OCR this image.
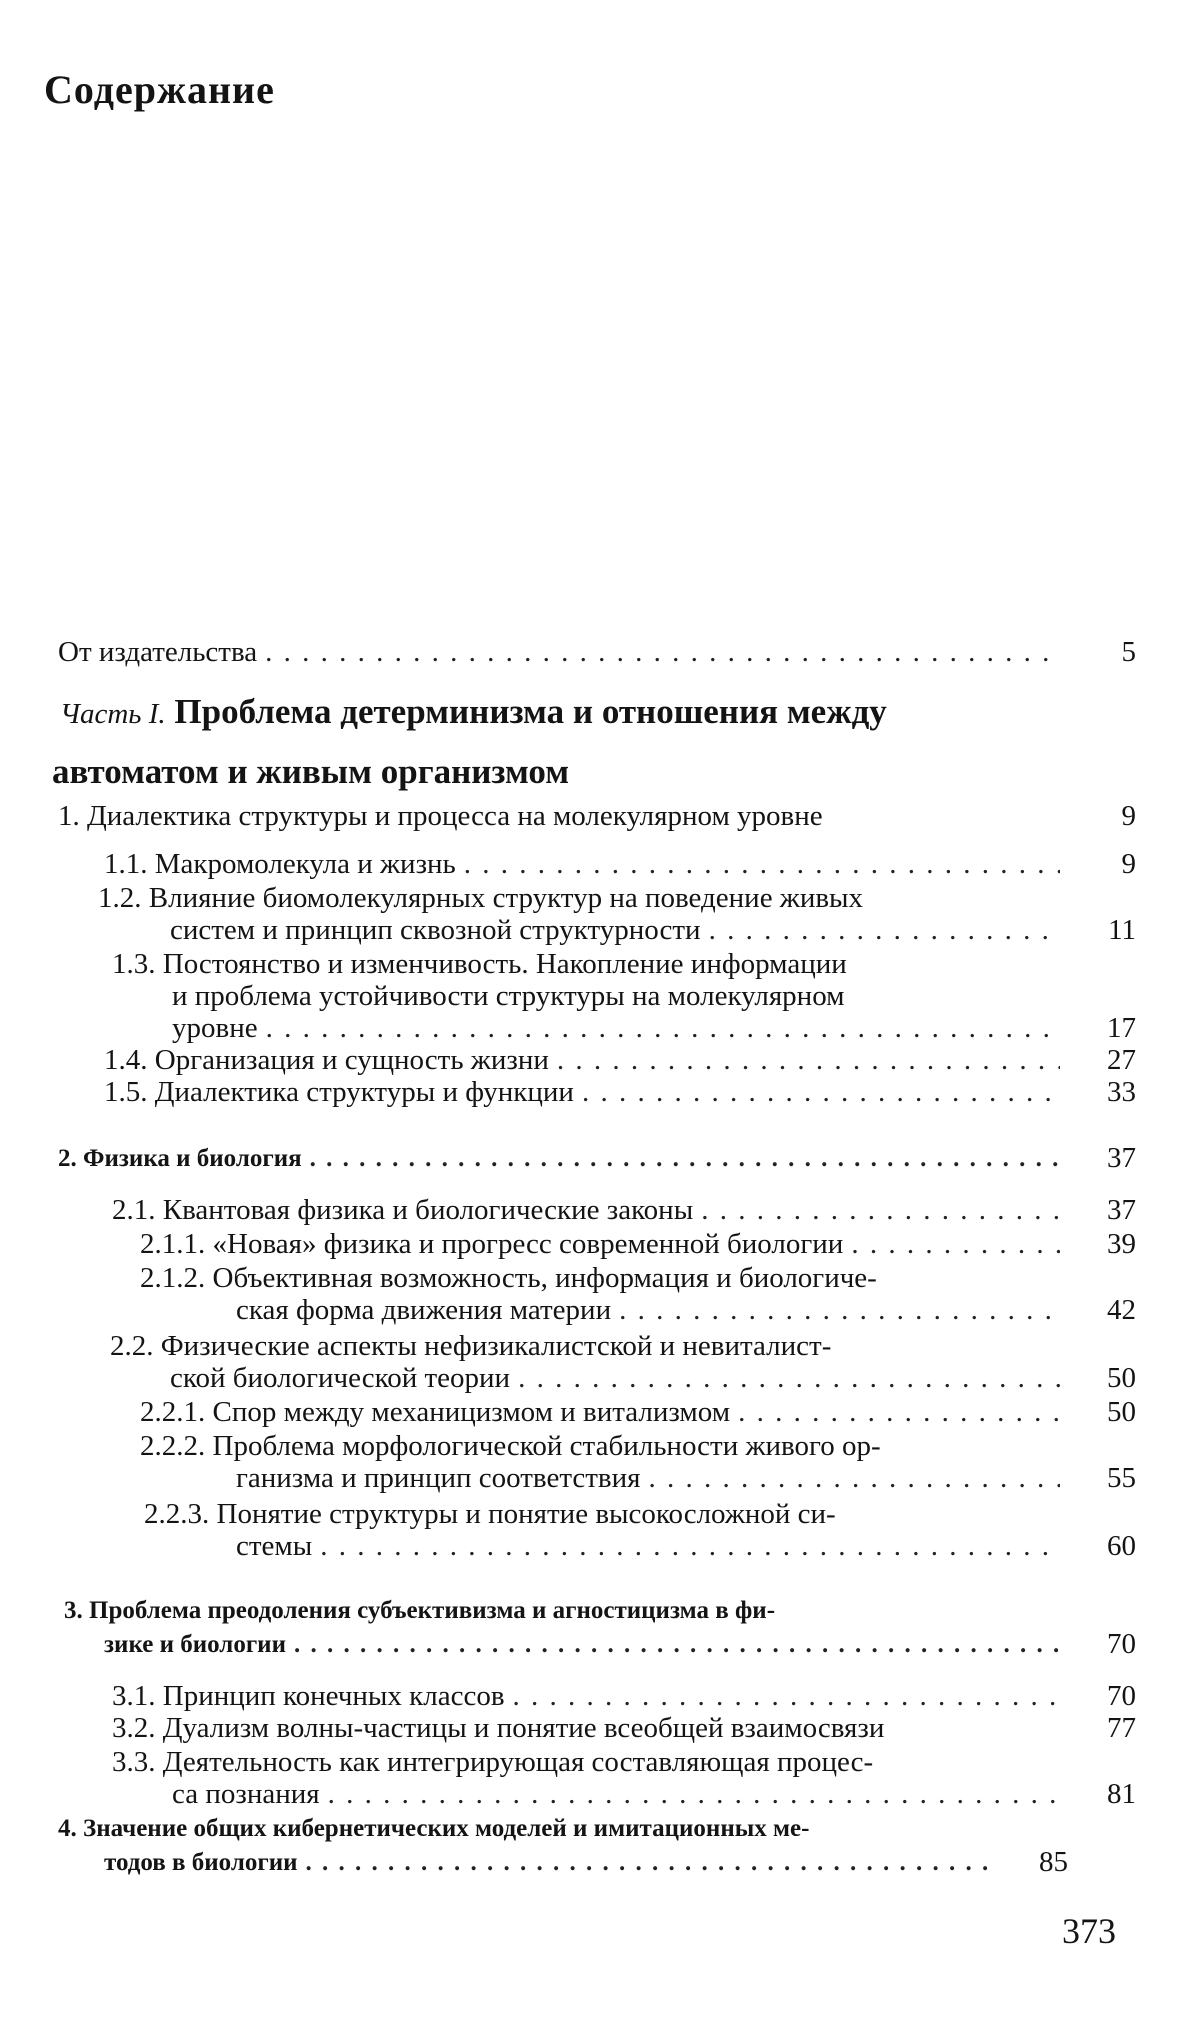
Содержание
От издательства . . .	5
Часть I. Проблема детерминизма и отношения между
автоматом и живым организмом
1. Диалектика структуры и процесса на молекулярном уровне	9
1.1. Макромолекула и жизнь . . .	9
1.2. Влияние биомолекулярных структур на поведение живых
систем и принцип сквозной структурности . . .	11
1.3. Постоянство и изменчивость. Накопление информации
и проблема устойчивости структуры на молекулярном
уровне . . .	17
1.4. Организация и сущность жизни . . .	27
1.5. Диалектика структуры и функции . . .	33
2. Физика и биология . . .	37
2.1. Квантовая физика и биологические законы . . .	37
2.1.1. «Новая» физика и прогресс современной биологии . . .	39
2.1.2. Объективная возможность, информация и биологиче-
ская форма движения материи . . .	42
2.2. Физические аспекты нефизикалистской и невиталист-
ской биологической теории . . .	50
2.2.1. Спор между механицизмом и витализмом . . .	50
2.2.2. Проблема морфологической стабильности живого ор-
ганизма и принцип соответствия . . .	55
2.2.3. Понятие структуры и понятие высокосложной си-
стемы . . .	60
3. Проблема преодоления субъективизма и агностицизма в фи-
зике и биологии . . .	70
3.1. Принцип конечных классов . . .	70
3.2. Дуализм волны-частицы и понятие всеобщей взаимосвязи	77
3.3. Деятельность как интегрирующая составляющая процес-
са познания . . .	81
4. Значение общих кибернетических моделей и имитационных ме-
тодов в биологии . . .	85
373
